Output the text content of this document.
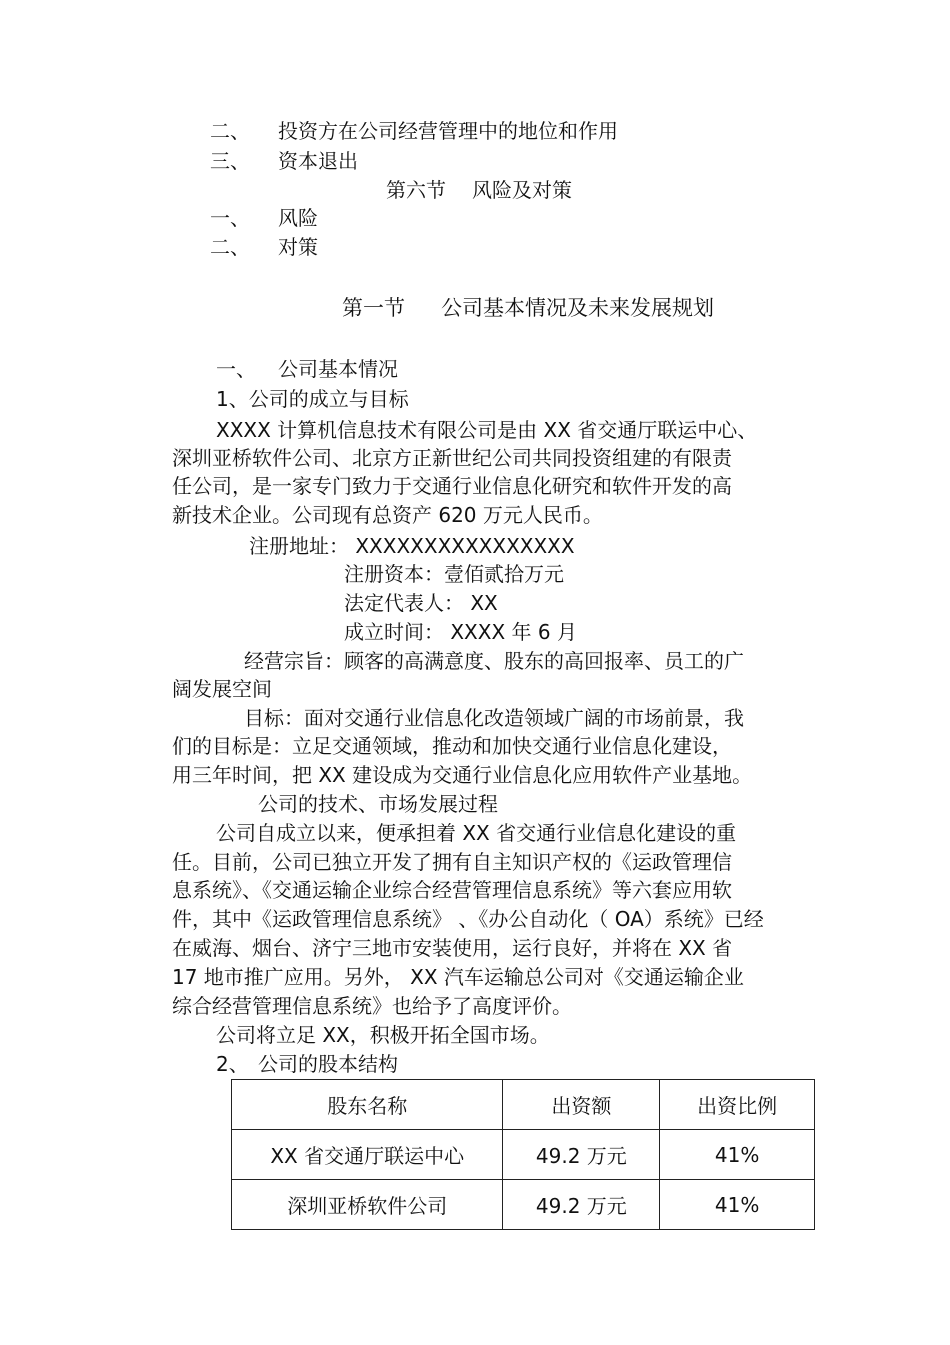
二、 投资方在公司经营管理中的地位和作用
三、 资本退出
第六节 风险及对策
一、 风险
二、 对策
第一节 公司基本情况及未来发展规划
一、 公司基本情况
1、公司的成立与目标
XXXX 计算机信息技术有限公司是由 XX 省交通厅联运中心、
深圳亚桥软件公司、北京方正新世纪公司共同投资组建的有限责
任公司，是一家专门致力于交通行业信息化研究和软件开发的高
新技术企业。公司现有总资产 620 万元人民币。
注册地址： XXXXXXXXXXXXXXXX
注册资本：壹佰贰拾万元
法定代表人： XX
成立时间： XXXX 年 6 月
经营宗旨：顾客的高满意度、股东的高回报率、员工的广
阔发展空间
目标：面对交通行业信息化改造领域广阔的市场前景，我
们的目标是：立足交通领域，推动和加快交通行业信息化建设，
用三年时间，把 XX 建设成为交通行业信息化应用软件产业基地。
公司的技术、市场发展过程
公司自成立以来，便承担着 XX 省交通行业信息化建设的重
任。目前，公司已独立开发了拥有自主知识产权的《运政管理信
息系统》、《交通运输企业综合经营管理信息系统》等六套应用软
件，其中《运政管理信息系统》 、《办公自动化（ OA）系统》已经
在威海、烟台、济宁三地市安装使用，运行良好，并将在 XX 省
17 地市推广应用。另外， XX 汽车运输总公司对《交通运输企业
综合经营管理信息系统》也给予了高度评价。
公司将立足 XX，积极开拓全国市场。
2、 公司的股本结构
股东名称	出资额	出资比例
XX 省交通厅联运中心	49.2 万元	41%
深圳亚桥软件公司	49.2 万元	41%
